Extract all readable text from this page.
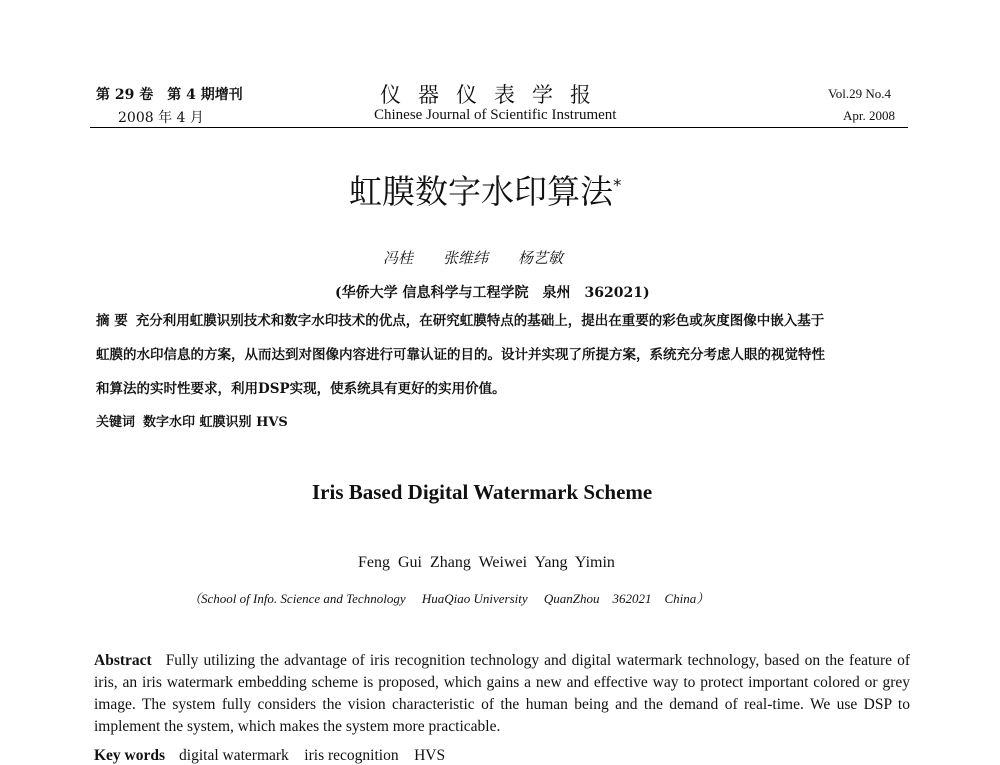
第 29 卷　第 4 期增刊
2008 年 4 月
仪器仪表学报
Chinese Journal of Scientific Instrument
Vol.29 No.4
Apr. 2008
虹膜数字水印算法*
冯桂　　张维纬　　杨艺敏
(华侨大学 信息科学与工程学院　泉州　362021)
摘 要 充分利用虹膜识别技术和数字水印技术的优点，在研究虹膜特点的基础上，提出在重要的彩色或灰度图像中嵌入基于
虹膜的水印信息的方案，从而达到对图像内容进行可靠认证的目的。设计并实现了所提方案，系统充分考虑人眼的视觉特性
和算法的实时性要求，利用DSP实现，使系统具有更好的实用价值。
关键词 数字水印 虹膜识别 HVS
Iris Based Digital Watermark Scheme
Feng Gui Zhang Weiwei Yang Yimin
（School of Info. Science and Technology　 HuaQiao University　 QuanZhou　362021　China）
Abstract Fully utilizing the advantage of iris recognition technology and digital watermark technology, based on the feature of iris, an iris watermark embedding scheme is proposed, which gains a new and effective way to protect important colored or grey image. The system fully considers the vision characteristic of the human being and the demand of real-time. We use DSP to implement the system, which makes the system more practicable.
Key words digital watermark　iris recognition　HVS
